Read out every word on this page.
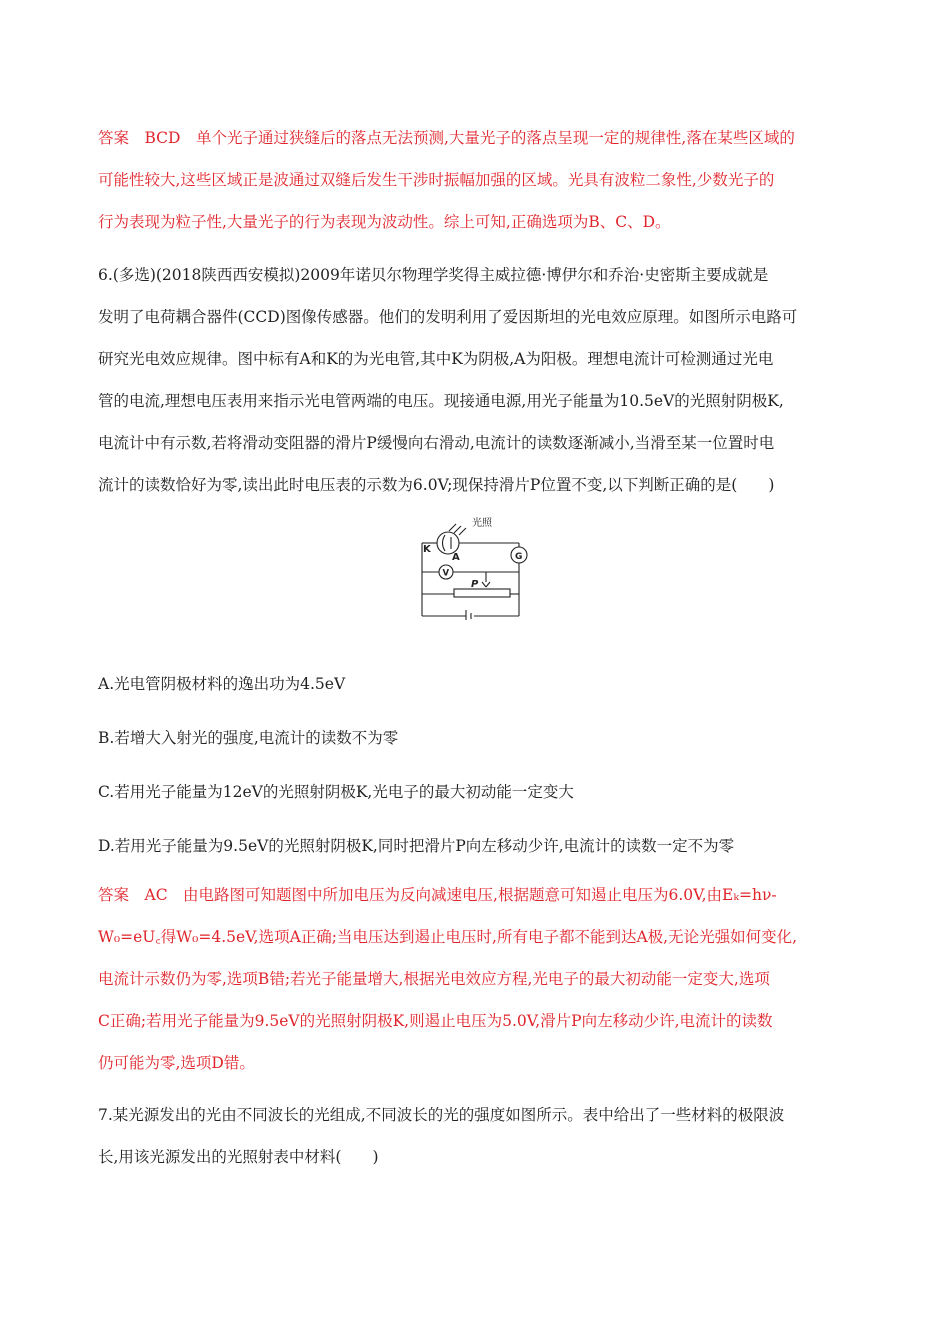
答案　BCD　单个光子通过狭缝后的落点无法预测,大量光子的落点呈现一定的规律性,落在某些区域的

可能性较大,这些区域正是波通过双缝后发生干涉时振幅加强的区域。光具有波粒二象性,少数光子的

行为表现为粒子性,大量光子的行为表现为波动性。综上可知,正确选项为B、C、D。

6.(多选)(2018陕西西安模拟)2009年诺贝尔物理学奖得主威拉德·博伊尔和乔治·史密斯主要成就是

发明了电荷耦合器件(CCD)图像传感器。他们的发明利用了爱因斯坦的光电效应原理。如图所示电路可

研究光电效应规律。图中标有A和K的为光电管,其中K为阴极,A为阳极。理想电流计可检测通过光电

管的电流,理想电压表用来指示光电管两端的电压。现接通电源,用光子能量为10.5eV的光照射阴极K,

电流计中有示数,若将滑动变阻器的滑片P缓慢向右滑动,电流计的读数逐渐减小,当滑至某一位置时电

流计的读数恰好为零,读出此时电压表的示数为6.0V;现保持滑片P位置不变,以下判断正确的是(　　)

光照
K
A	G
V
P

A.光电管阴极材料的逸出功为4.5eV

B.若增大入射光的强度,电流计的读数不为零

C.若用光子能量为12eV的光照射阴极K,光电子的最大初动能一定变大

D.若用光子能量为9.5eV的光照射阴极K,同时把滑片P向左移动少许,电流计的读数一定不为零

答案　AC　由电路图可知题图中所加电压为反向减速电压,根据题意可知遏止电压为6.0V,由Eₖ=hν-

W₀=eU꜀得W₀=4.5eV,选项A正确;当电压达到遏止电压时,所有电子都不能到达A极,无论光强如何变化,

电流计示数仍为零,选项B错;若光子能量增大,根据光电效应方程,光电子的最大初动能一定变大,选项

C正确;若用光子能量为9.5eV的光照射阴极K,则遏止电压为5.0V,滑片P向左移动少许,电流计的读数

仍可能为零,选项D错。

7.某光源发出的光由不同波长的光组成,不同波长的光的强度如图所示。表中给出了一些材料的极限波

长,用该光源发出的光照射表中材料(　　)
